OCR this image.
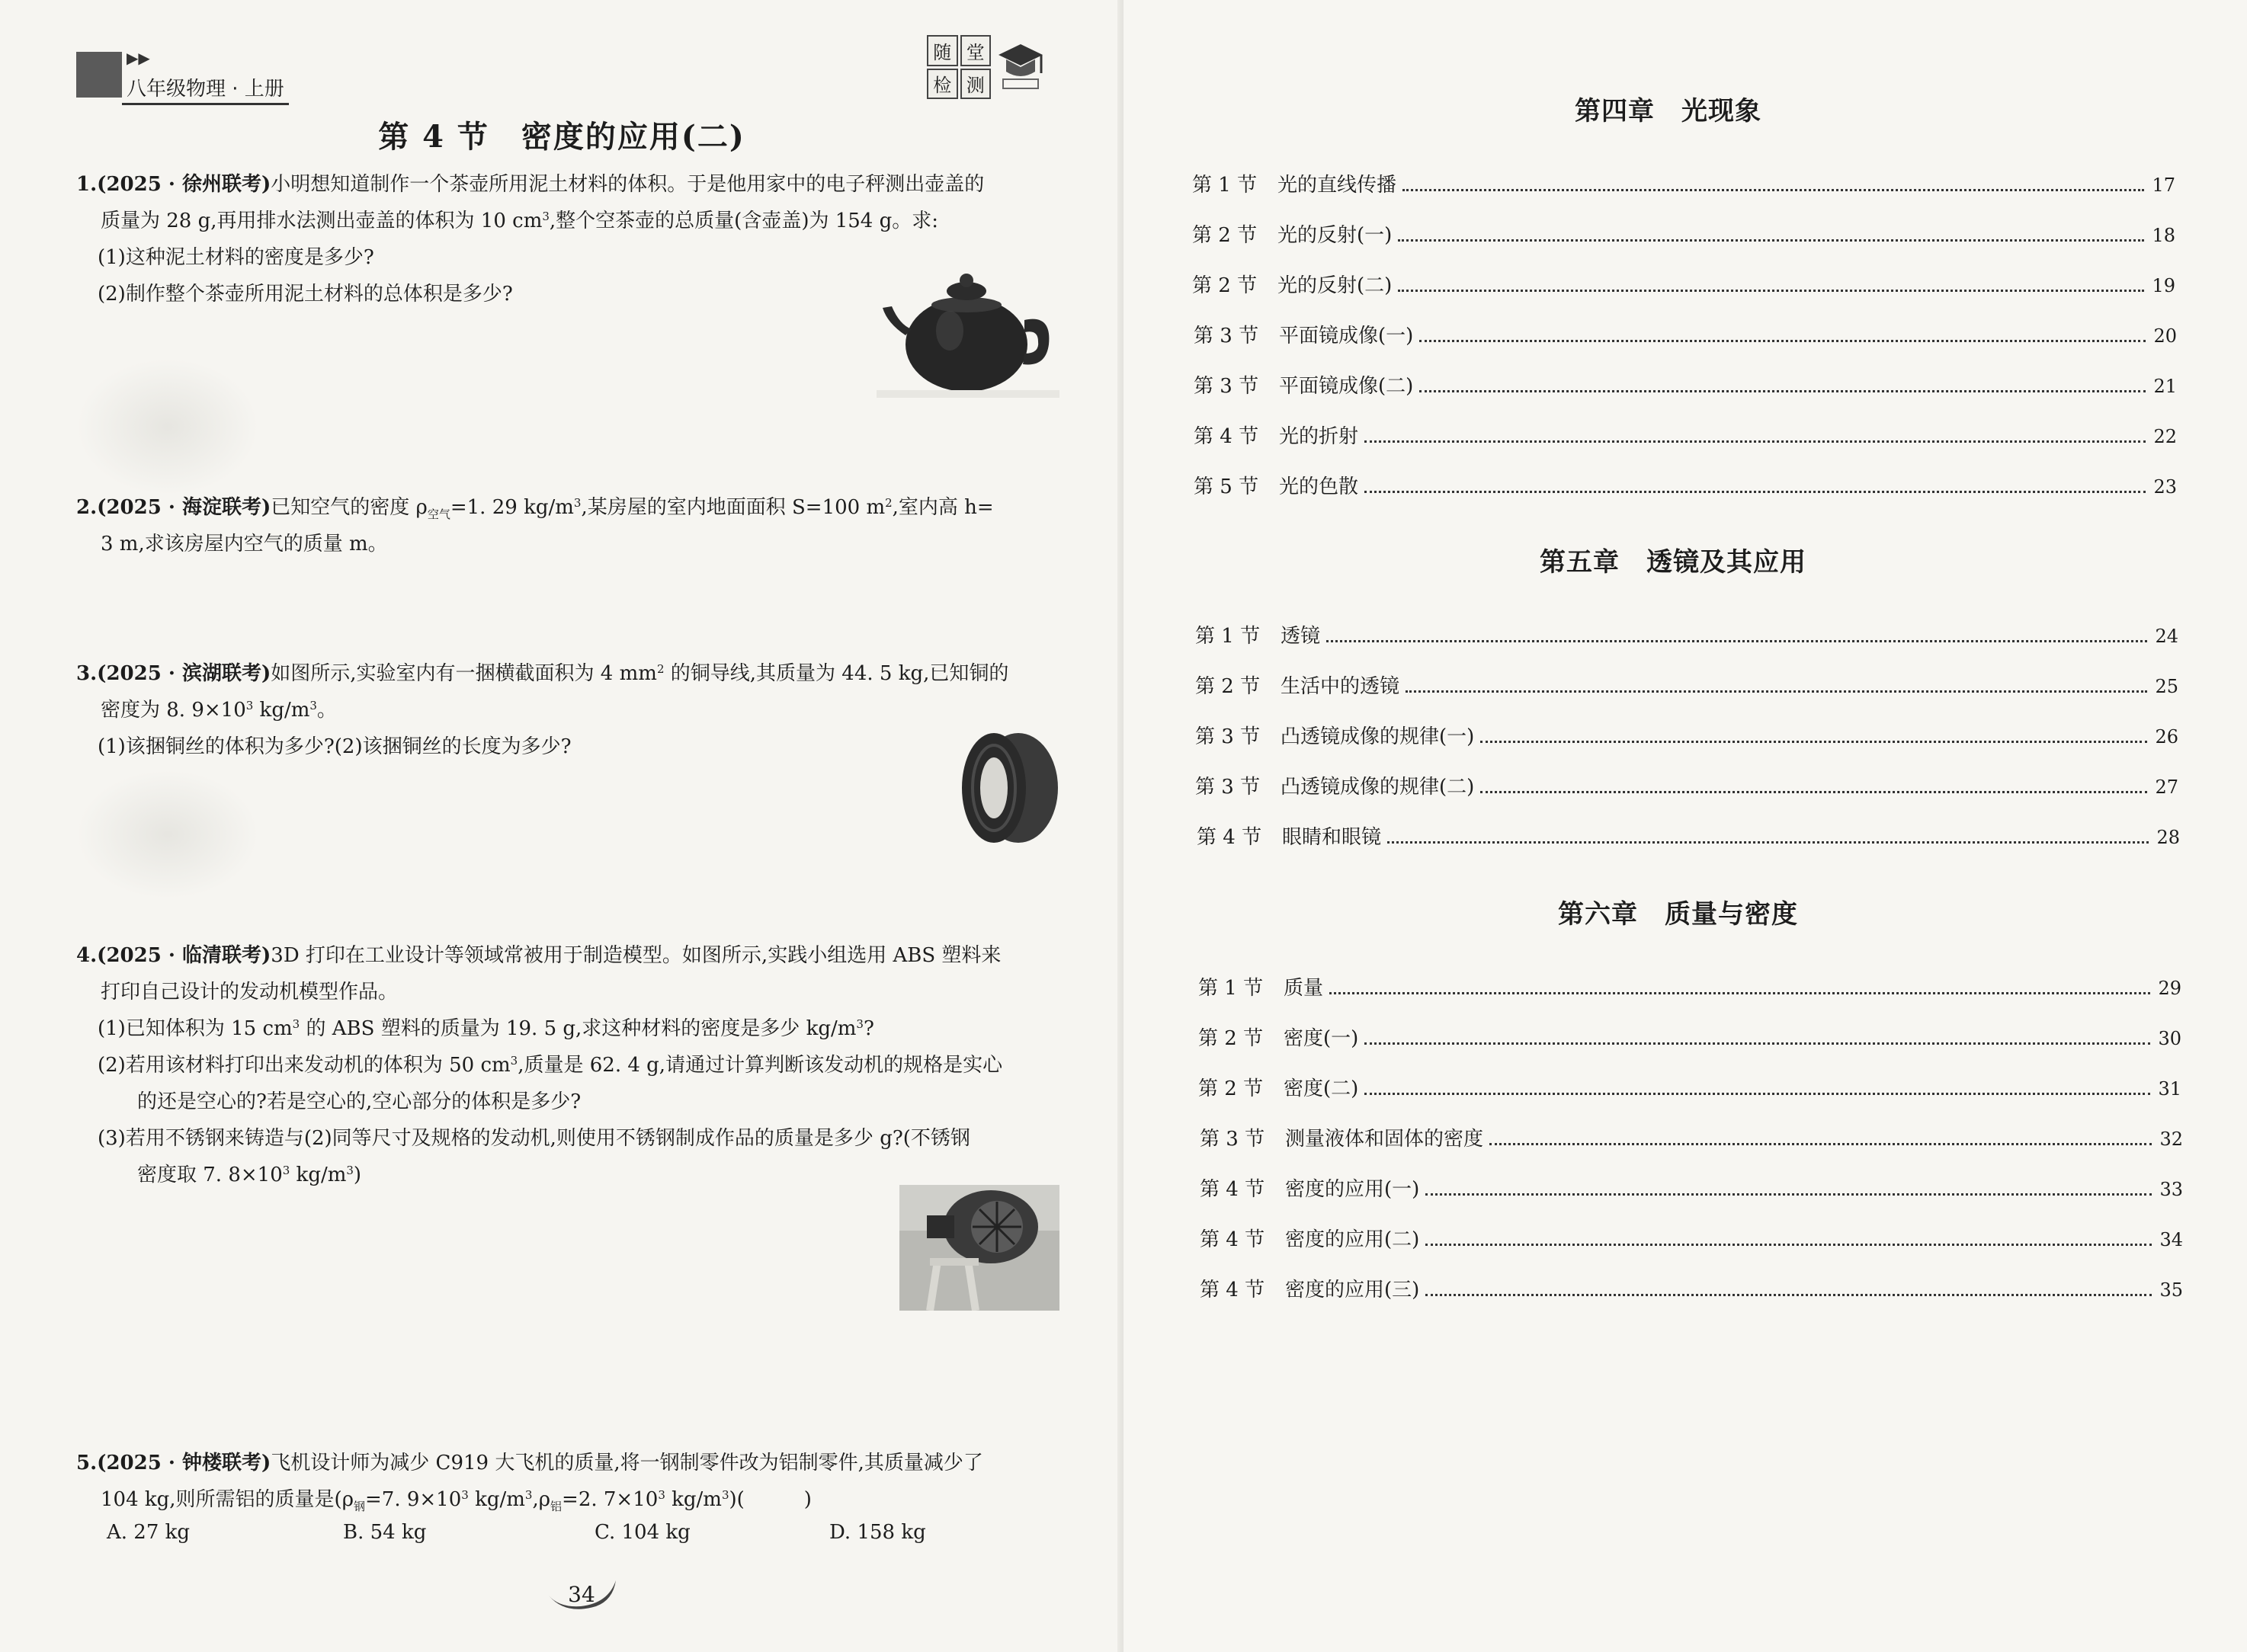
▶▶
八年级物理 · 上册
随 堂
检 测
第 4 节　密度的应用(二)
1.(2025 · 徐州联考)小明想知道制作一个茶壶所用泥土材料的体积。于是他用家中的电子秤测出壶盖的
质量为 28 g,再用排水法测出壶盖的体积为 10 $cm^3$,整个空茶壶的总质量(含壶盖)为 154 g。求:
(1)这种泥土材料的密度是多少?
(2)制作整个茶壶所用泥土材料的总体积是多少?
2.(2025 · 海淀联考)已知空气的密度 $\rho_{空气}=1$. 29 $kg/m^3$,某房屋的室内地面面积 S=100 $m^2$,室内高 h=
3 m,求该房屋内空气的质量 m。
3.(2025 · 滨湖联考)如图所示,实验室内有一捆横截面积为 4 $mm^2$ 的铜导线,其质量为 44. 5 kg,已知铜的
密度为 8. $9\times 10^3$ $kg/m^3$。
(1)该捆铜丝的体积为多少?(2)该捆铜丝的长度为多少?
4.(2025 · 临清联考)3D 打印在工业设计等领域常被用于制造模型。如图所示,实践小组选用 ABS 塑料来
打印自己设计的发动机模型作品。
(1)已知体积为 15 $cm^3$ 的 ABS 塑料的质量为 19. 5 g,求这种材料的密度是多少 $kg/m^3$?
(2)若用该材料打印出来发动机的体积为 50 $cm^3$,质量是 62. 4 g,请通过计算判断该发动机的规格是实心
的还是空心的?若是空心的,空心部分的体积是多少?
(3)若用不锈钢来铸造与(2)同等尺寸及规格的发动机,则使用不锈钢制成作品的质量是多少 g?(不锈钢
密度取 7. $8\times 10^3$ $kg/m^3$)
5.(2025 · 钟楼联考)飞机设计师为减少 C919 大飞机的质量,将一钢制零件改为铝制零件,其质量减少了
104 kg,则所需铝的质量是($\rho_钢=7$. $9\times 10^3$ $kg/m^3,\rho_铝=2$. $7\times 10^3$ $kg/m^3$)(　　　)
A. 27 kg	B. 54 kg	C. 104 kg	D. 158 kg
34
第四章　光现象
第 1 节	光的直线传播	17
第 2 节	光的反射(一)	18
第 2 节	光的反射(二)	19
第 3 节	平面镜成像(一)	20
第 3 节	平面镜成像(二)	21
第 4 节	光的折射	22
第 5 节	光的色散	23
第五章　透镜及其应用
第 1 节	透镜	24
第 2 节	生活中的透镜	25
第 3 节	凸透镜成像的规律(一)	26
第 3 节	凸透镜成像的规律(二)	27
第 4 节	眼睛和眼镜	28
第六章　质量与密度
第 1 节	质量	29
第 2 节	密度(一)	30
第 2 节	密度(二)	31
第 3 节	测量液体和固体的密度	32
第 4 节	密度的应用(一)	33
第 4 节	密度的应用(二)	34
第 4 节	密度的应用(三)	35
